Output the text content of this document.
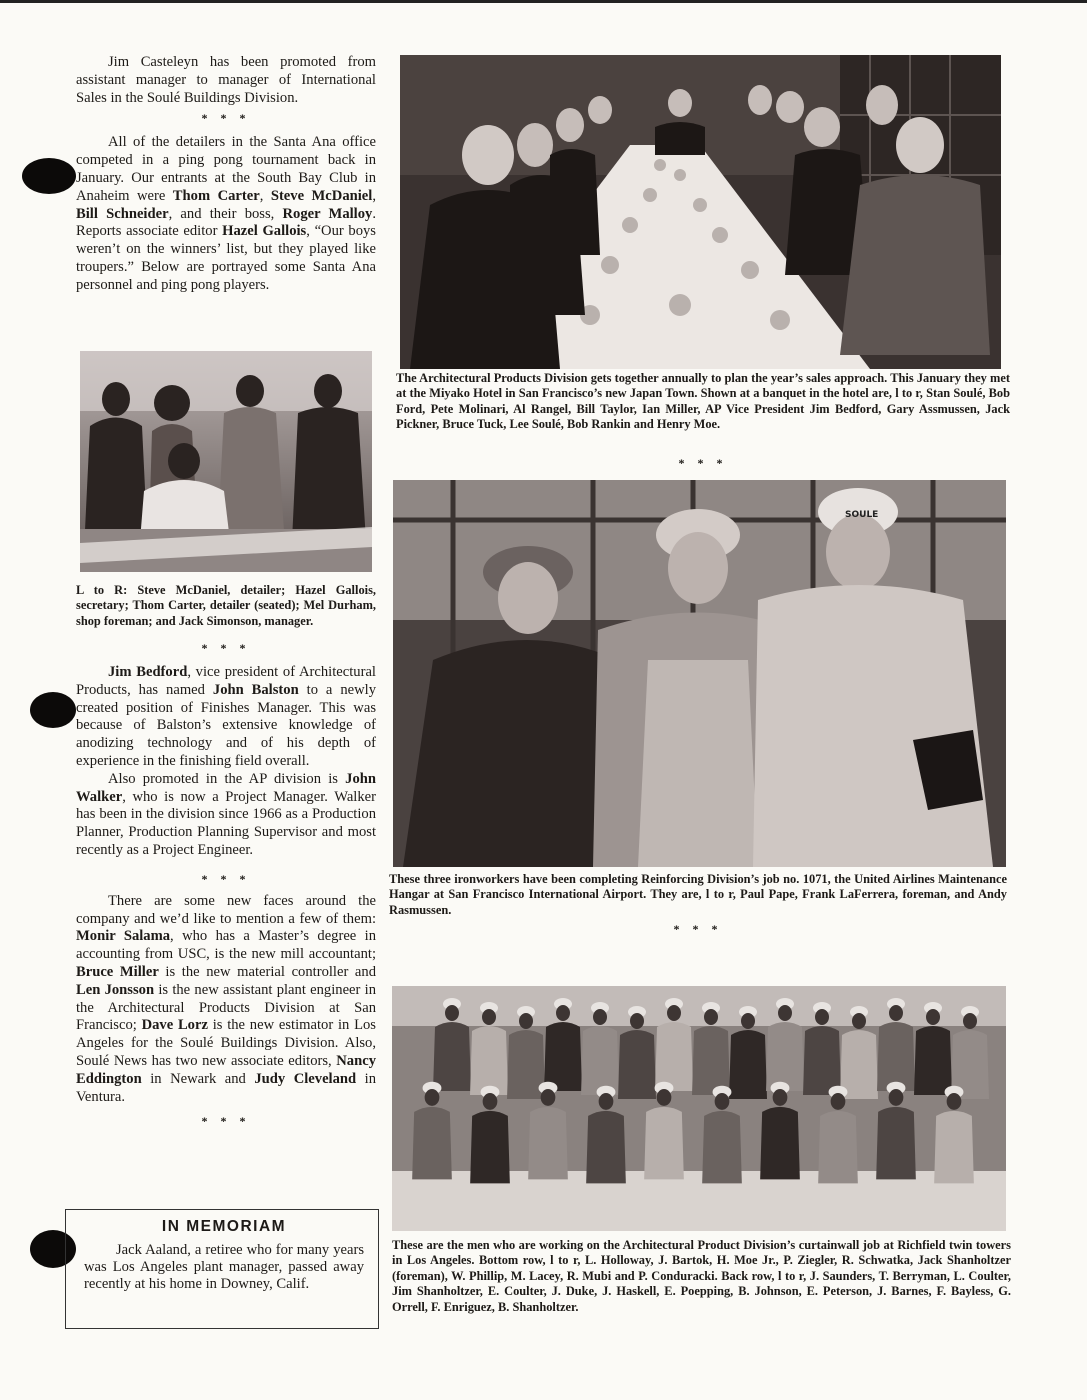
Jim Casteleyn has been promoted from assistant manager to manager of International Sales in the Soulé Buildings Division.

* * *

All of the detailers in the Santa Ana office competed in a ping pong tournament back in January. Our entrants at the South Bay Club in Anaheim were Thom Carter, Steve McDaniel, Bill Schneider, and their boss, Roger Malloy. Reports associate editor Hazel Gallois, “Our boys weren’t on the winners’ list, but they played like troupers.” Below are portrayed some Santa Ana personnel and ping pong players.

L to R: Steve McDaniel, detailer; Hazel Gallois, secretary; Thom Carter, detailer (seated); Mel Durham, shop foreman; and Jack Simonson, manager.

* * *

Jim Bedford, vice president of Architectural Products, has named John Balston to a newly created position of Finishes Manager. This was because of Balston’s extensive knowledge of anodizing technology and of his depth of experience in the finishing field overall.

Also promoted in the AP division is John Walker, who is now a Project Manager. Walker has been in the division since 1966 as a Production Planner, Production Planning Supervisor and most recently as a Project Engineer.

* * *

There are some new faces around the company and we’d like to mention a few of them: Monir Salama, who has a Master’s degree in accounting from USC, is the new mill accountant; Bruce Miller is the new material controller and Len Jonsson is the new assistant plant engineer in the Architectural Products Division at San Francisco; Dave Lorz is the new estimator in Los Angeles for the Soulé Buildings Division. Also, Soulé News has two new associate editors, Nancy Eddington in Newark and Judy Cleveland in Ventura.

* * *
IN MEMORIAM

Jack Aaland, a retiree who for many years was Los Angeles plant manager, passed away recently at his home in Downey, Calif.

The Architectural Products Division gets together annually to plan the year’s sales approach. This January they met at the Miyako Hotel in San Francisco’s new Japan Town. Shown at a banquet in the hotel are, l to r, Stan Soulé, Bob Ford, Pete Molinari, Al Rangel, Bill Taylor, Ian Miller, AP Vice President Jim Bedford, Gary Assmussen, Jack Pickner, Bruce Tuck, Lee Soulé, Bob Rankin and Henry Moe.

* * *
SOULE

These three ironworkers have been completing Reinforcing Division’s job no. 1071, the United Airlines Maintenance Hangar at San Francisco International Airport. They are, l to r, Paul Pape, Frank LaFerrera, foreman, and Andy Rasmussen.

* * *

These are the men who are working on the Architectural Product Division’s curtainwall job at Richfield twin towers in Los Angeles. Bottom row, l to r, L. Holloway, J. Bartok, H. Moe Jr., P. Ziegler, R. Schwatka, Jack Shanholtzer (foreman), W. Phillip, M. Lacey, R. Mubi and P. Conduracki. Back row, l to r, J. Saunders, T. Berryman, L. Coulter, Jim Shanholtzer, E. Coulter, J. Duke, J. Haskell, E. Poepping, B. Johnson, E. Peterson, J. Barnes, F. Bayless, G. Orrell, F. Enriguez, B. Shanholtzer.
